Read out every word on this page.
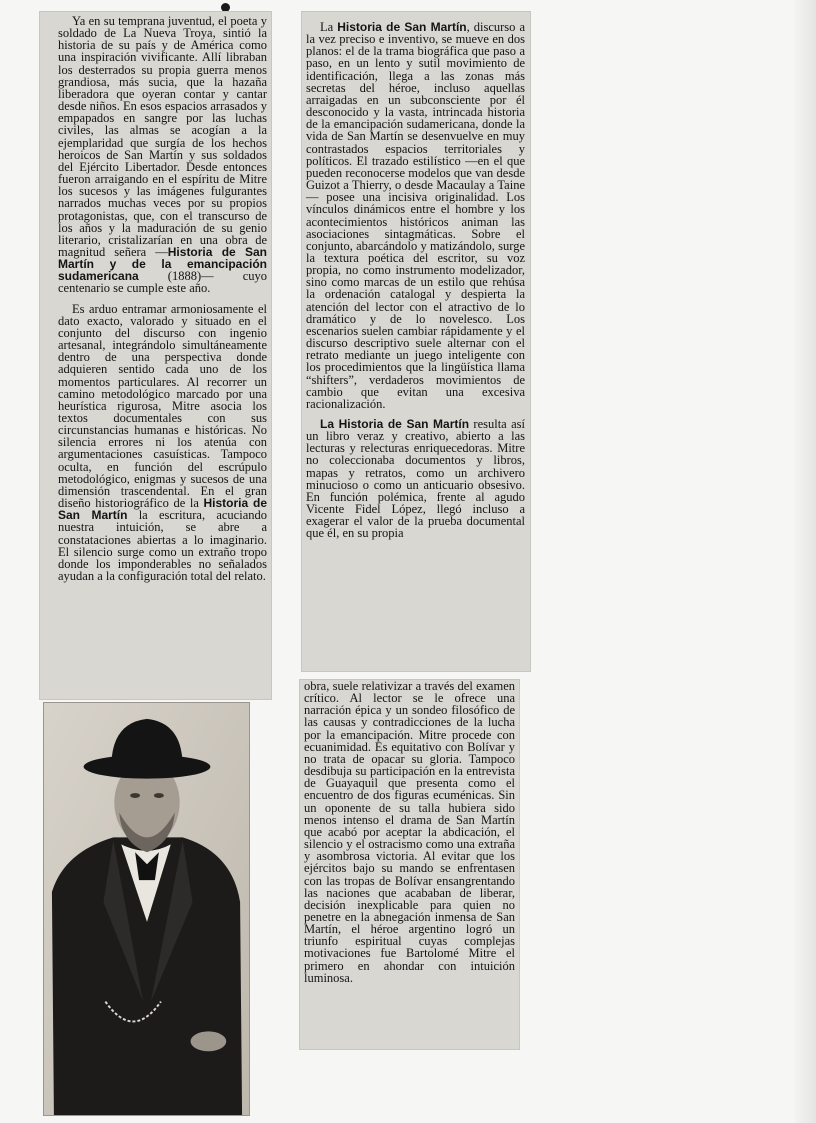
Ya en su temprana juventud, el poeta y soldado de La Nueva Troya, sintió la historia de su país y de América como una inspiración vivificante. Allí libraban los desterrados su propia guerra menos grandiosa, más sucia, que la hazaña liberadora que oyeran contar y cantar desde niños. En esos espacios arrasados y empapados en sangre por las luchas civiles, las almas se acogían a la ejemplaridad que surgía de los hechos heroicos de San Martín y sus soldados del Ejército Libertador. Desde entonces fueron arraigando en el espíritu de Mitre los sucesos y las imágenes fulgurantes narrados muchas veces por su propios protagonistas, que, con el transcurso de los años y la maduración de su genio literario, cristalizarían en una obra de magnitud señera —Historia de San Martín y de la emancipación sudamericana (1888)— cuyo centenario se cumple este año.

Es arduo entramar armoniosamente el dato exacto, valorado y situado en el conjunto del discurso con ingenio artesanal, integrándolo simultáneamente dentro de una perspectiva donde adquieren sentido cada uno de los momentos particulares. Al recorrer un camino metodológico marcado por una heurística rigurosa, Mitre asocia los textos documentales con sus circunstancias humanas e históricas. No silencia errores ni los atenúa con argumentaciones casuísticas. Tampoco oculta, en función del escrúpulo metodológico, enigmas y sucesos de una dimensión trascendental. En el gran diseño historiográfico de la Historia de San Martín la escritura, acuciando nuestra intuición, se abre a constataciones abiertas a lo imaginario. El silencio surge como un extraño tropo donde los imponderables no señalados ayudan a la configuración total del relato.

La Historia de San Martín, discurso a la vez preciso e inventivo, se mueve en dos planos: el de la trama biográfica que paso a paso, en un lento y sutil movimiento de identificación, llega a las zonas más secretas del héroe, incluso aquellas arraigadas en un subconsciente por él desconocido y la vasta, intrincada historia de la emancipación sudamericana, donde la vida de San Martín se desenvuelve en muy contrastados espacios territoriales y políticos. El trazado estilístico —en el que pueden reconocerse modelos que van desde Guizot a Thierry, o desde Macaulay a Taine— posee una incisiva originalidad. Los vínculos dinámicos entre el hombre y los acontecimientos históricos animan las asociaciones sintagmáticas. Sobre el conjunto, abarcándolo y matizándolo, surge la textura poética del escritor, su voz propia, no como instrumento modelizador, sino como marcas de un estilo que rehúsa la ordenación catalogal y despierta la atención del lector con el atractivo de lo dramático y de lo novelesco. Los escenarios suelen cambiar rápidamente y el discurso descriptivo suele alternar con el retrato mediante un juego inteligente con los procedimientos que la lingüística llama “shifters”, verdaderos movimientos de cambio que evitan una excesiva racionalización.

La Historia de San Martín resulta así un libro veraz y creativo, abierto a las lecturas y relecturas enriquecedoras. Mitre no coleccionaba documentos y libros, mapas y retratos, como un archivero minucioso o como un anticuario obsesivo. En función polémica, frente al agudo Vicente Fidel López, llegó incluso a exagerar el valor de la prueba documental que él, en su propia

obra, suele relativizar a través del examen crítico. Al lector se le ofrece una narración épica y un sondeo filosófico de las causas y contradicciones de la lucha por la emancipación. Mitre procede con ecuanimidad. Es equitativo con Bolívar y no trata de opacar su gloria. Tampoco desdibuja su participación en la entrevista de Guayaquil que presenta como el encuentro de dos figuras ecuménicas. Sin un oponente de su talla hubiera sido menos intenso el drama de San Martín que acabó por aceptar la abdicación, el silencio y el ostracismo como una extraña y asombrosa victoria. Al evitar que los ejércitos bajo su mando se enfrentasen con las tropas de Bolívar ensangrentando las naciones que acababan de liberar, decisión inexplicable para quien no penetre en la abnegación inmensa de San Martín, el héroe argentino logró un triunfo espiritual cuyas complejas motivaciones fue Bartolomé Mitre el primero en ahondar con intuición luminosa.
